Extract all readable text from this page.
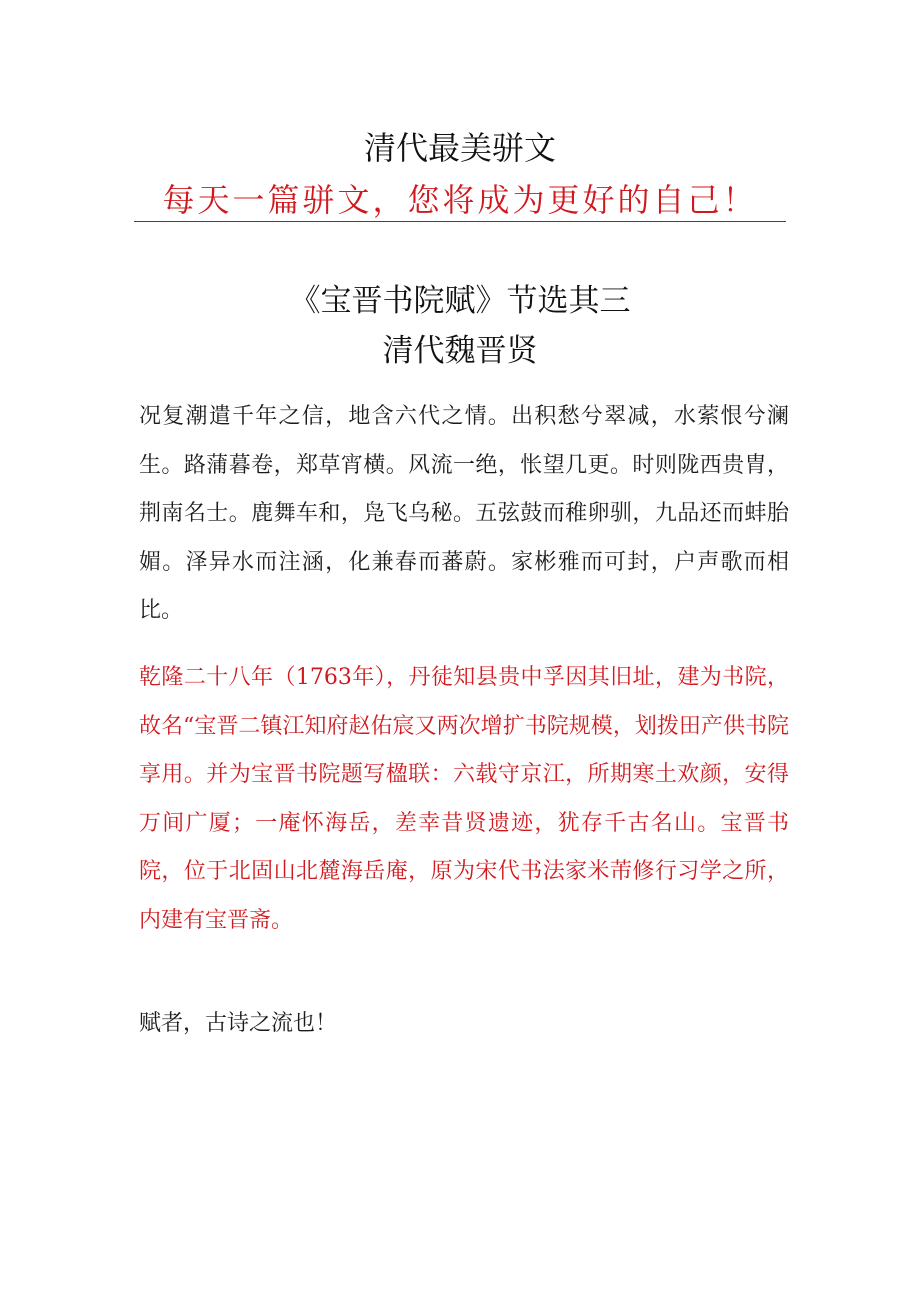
清代最美骈文
每天一篇骈文，您将成为更好的自己！
《宝晋书院赋》节选其三
清代魏晋贤
况复潮遣千年之信，地含六代之情。出积愁兮翠减，水萦恨兮澜生。路蒲暮卷，郑草宵横。风流一绝，怅望几更。时则陇西贵胄，荆南名士。鹿舞车和，凫飞乌秘。五弦鼓而稚卵驯，九品还而蚌胎媚。泽异水而注涵，化兼春而蕃蔚。家彬雅而可封，户声歌而相比。
乾隆二十八年（1763年），丹徒知县贵中孚因其旧址，建为书院，故名“宝晋二镇江知府赵佑宸又两次增扩书院规模，划拨田产供书院享用。并为宝晋书院题写楹联：六载守京江，所期寒土欢颜，安得万间广厦；一庵怀海岳，差幸昔贤遗迹，犹存千古名山。宝晋书院，位于北固山北麓海岳庵，原为宋代书法家米芾修行习学之所，内建有宝晋斋。
赋者，古诗之流也！
